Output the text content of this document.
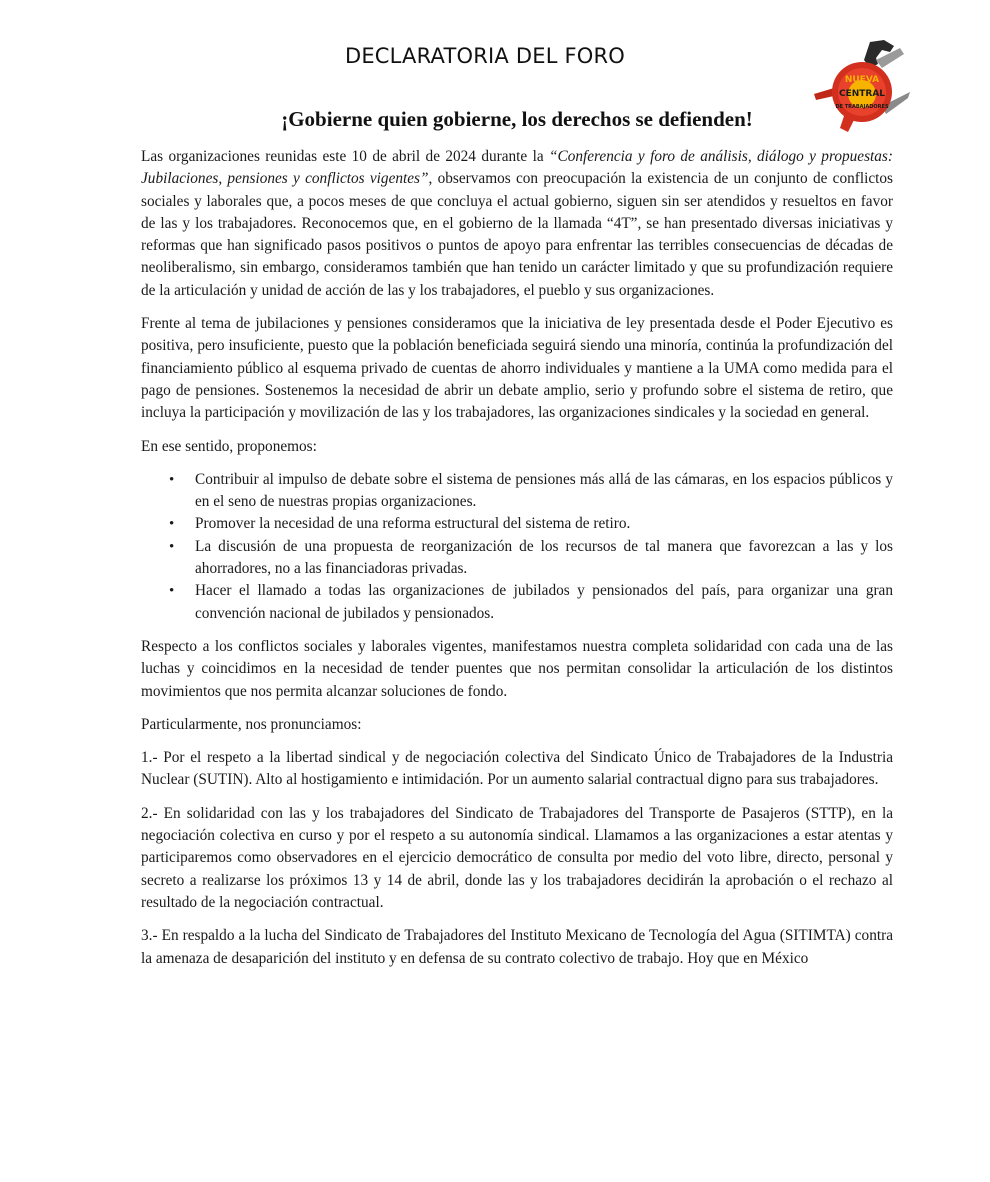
DECLARATORIA DEL FORO
NUEVA
CENTRAL
DE TRABAJADORES
¡Gobierne quien gobierne, los derechos se defienden!

Las organizaciones reunidas este 10 de abril de 2024 durante la “Conferencia y foro de análisis, diálogo y propuestas: Jubilaciones, pensiones y conflictos vigentes”, observamos con preocupación la existencia de un conjunto de conflictos sociales y laborales que, a pocos meses de que concluya el actual gobierno, siguen sin ser atendidos y resueltos en favor de las y los trabajadores. Reconocemos que, en el gobierno de la llamada “4T”, se han presentado diversas iniciativas y reformas que han significado pasos positivos o puntos de apoyo para enfrentar las terribles consecuencias de décadas de neoliberalismo, sin embargo, consideramos también que han tenido un carácter limitado y que su profundización requiere de la articulación y unidad de acción de las y los trabajadores, el pueblo y sus organizaciones.

Frente al tema de jubilaciones y pensiones consideramos que la iniciativa de ley presentada desde el Poder Ejecutivo es positiva, pero insuficiente, puesto que la población beneficiada seguirá siendo una minoría, continúa la profundización del financiamiento público al esquema privado de cuentas de ahorro individuales y mantiene a la UMA como medida para el pago de pensiones. Sostenemos la necesidad de abrir un debate amplio, serio y profundo sobre el sistema de retiro, que incluya la participación y movilización de las y los trabajadores, las organizaciones sindicales y la sociedad en general.

En ese sentido, proponemos:

• Contribuir al impulso de debate sobre el sistema de pensiones más allá de las cámaras, en los espacios públicos y en el seno de nuestras propias organizaciones.
• Promover la necesidad de una reforma estructural del sistema de retiro.
• La discusión de una propuesta de reorganización de los recursos de tal manera que favorezcan a las y los ahorradores, no a las financiadoras privadas.
• Hacer el llamado a todas las organizaciones de jubilados y pensionados del país, para organizar una gran convención nacional de jubilados y pensionados.

Respecto a los conflictos sociales y laborales vigentes, manifestamos nuestra completa solidaridad con cada una de las luchas y coincidimos en la necesidad de tender puentes que nos permitan consolidar la articulación de los distintos movimientos que nos permita alcanzar soluciones de fondo.

Particularmente, nos pronunciamos:

1.- Por el respeto a la libertad sindical y de negociación colectiva del Sindicato Único de Trabajadores de la Industria Nuclear (SUTIN). Alto al hostigamiento e intimidación. Por un aumento salarial contractual digno para sus trabajadores.

2.- En solidaridad con las y los trabajadores del Sindicato de Trabajadores del Transporte de Pasajeros (STTP), en la negociación colectiva en curso y por el respeto a su autonomía sindical. Llamamos a las organizaciones a estar atentas y participaremos como observadores en el ejercicio democrático de consulta por medio del voto libre, directo, personal y secreto a realizarse los próximos 13 y 14 de abril, donde las y los trabajadores decidirán la aprobación o el rechazo al resultado de la negociación contractual.

3.- En respaldo a la lucha del Sindicato de Trabajadores del Instituto Mexicano de Tecnología del Agua (SITIMTA) contra la amenaza de desaparición del instituto y en defensa de su contrato colectivo de trabajo. Hoy que en México
